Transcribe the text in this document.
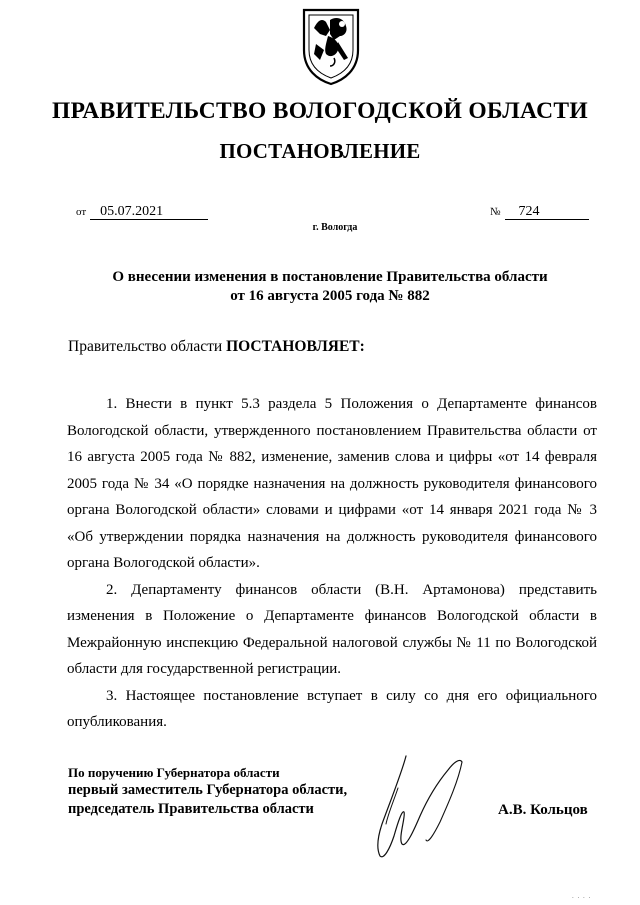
ПРАВИТЕЛЬСТВО ВОЛОГОДСКОЙ ОБЛАСТИ
ПОСТАНОВЛЕНИЕ
от 05.07.2021	№ 724
г. Вологда
О внесении изменения в постановление Правительства области
от 16 августа 2005 года № 882
Правительство области ПОСТАНОВЛЯЕТ:

1. Внести в пункт 5.3 раздела 5 Положения о Департаменте финансов Вологодской области, утвержденного постановлением Правительства области от 16 августа 2005 года № 882, изменение, заменив слова и цифры «от 14 февраля 2005 года № 34 «О порядке назначения на должность руководителя финансового органа Вологодской области» словами и цифрами «от 14 января 2021 года № 3 «Об утверждении порядка назначения на должность руководителя финансового органа Вологодской области».

2. Департаменту финансов области (В.Н. Артамонова) представить изменения в Положение о Департаменте финансов Вологодской области в Межрайонную инспекцию Федеральной налоговой службы № 11 по Вологодской области для государственной регистрации.

3. Настоящее постановление вступает в силу со дня его официального опубликования.

По поручению Губернатора области
первый заместитель Губернатора области,
председатель Правительства области	А.В. Кольцов
. . . .
